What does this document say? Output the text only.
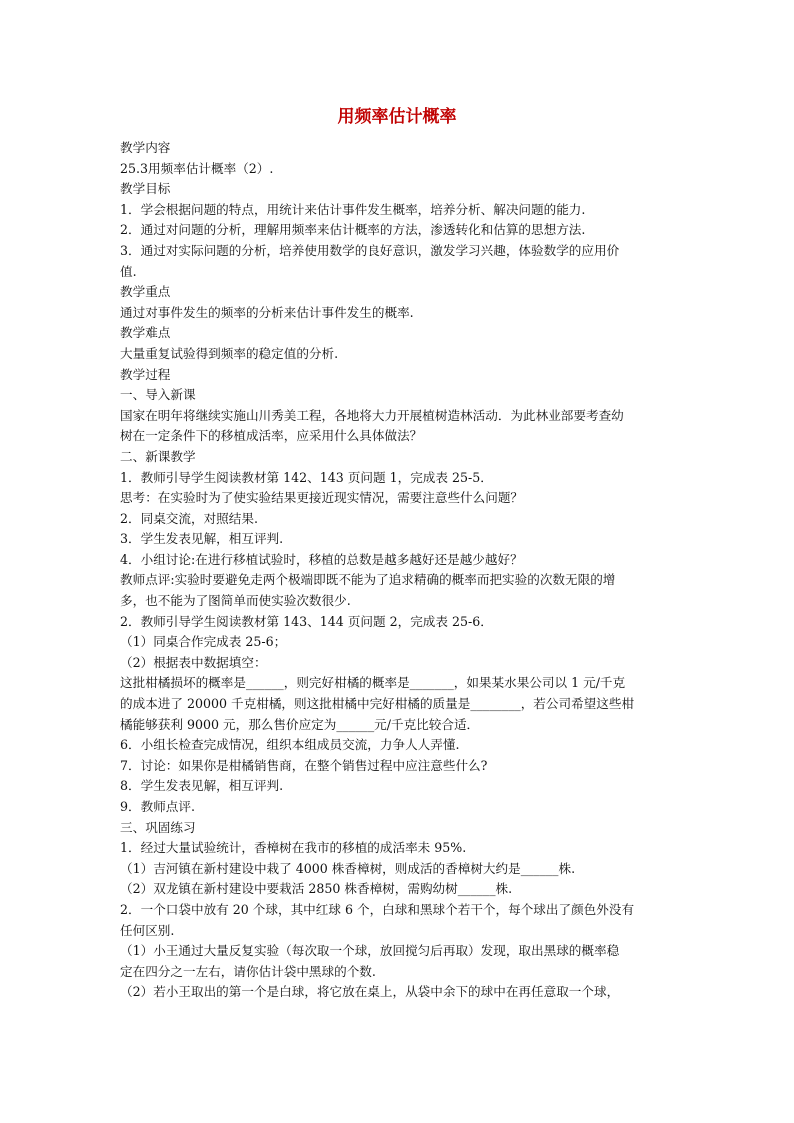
用频率估计概率

教学内容

25.3用频率估计概率（2）.

教学目标

1．学会根据问题的特点，用统计来估计事件发生概率，培养分析、解决问题的能力.

2．通过对问题的分析，理解用频率来估计概率的方法，渗透转化和估算的思想方法.

3．通过对实际问题的分析，培养使用数学的良好意识，激发学习兴趣，体验数学的应用价

值.

教学重点

通过对事件发生的频率的分析来估计事件发生的概率.

教学难点

大量重复试验得到频率的稳定值的分析.

教学过程

一、导入新课

国家在明年将继续实施山川秀美工程，各地将大力开展植树造林活动．为此林业部要考查幼

树在一定条件下的移植成活率，应采用什么具体做法？

二、新课教学

1．教师引导学生阅读教材第 142、143 页问题 1，完成表 25-5．

思考：在实验时为了使实验结果更接近现实情况，需要注意些什么问题？

2．同桌交流，对照结果.

3．学生发表见解，相互评判.

4．小组讨论:在进行移植试验时，移植的总数是越多越好还是越少越好？

教师点评:实验时要避免走两个极端即既不能为了追求精确的概率而把实验的次数无限的增

多，也不能为了图简单而使实验次数很少.

2．教师引导学生阅读教材第 143、144 页问题 2，完成表 25-6．

（1）同桌合作完成表 25-6；

（2）根据表中数据填空：

这批柑橘损坏的概率是______，则完好柑橘的概率是_______，如果某水果公司以 1 元/千克

的成本进了 20000 千克柑橘，则这批柑橘中完好柑橘的质量是________，若公司希望这些柑

橘能够获利 9000 元，那么售价应定为______元/千克比较合适．

6．小组长检查完成情况，组织本组成员交流，力争人人弄懂.

7．讨论：如果你是柑橘销售商，在整个销售过程中应注意些什么?

8．学生发表见解，相互评判.

9．教师点评.

三、巩固练习

1．经过大量试验统计，香樟树在我市的移植的成活率未 95%.

（1）吉河镇在新村建设中栽了 4000 株香樟树，则成活的香樟树大约是______株.

（2）双龙镇在新村建设中要栽活 2850 株香樟树，需购幼树______株.

2．一个口袋中放有 20 个球，其中红球 6 个，白球和黑球个若干个，每个球出了颜色外没有

任何区别.

（1）小王通过大量反复实验（每次取一个球，放回搅匀后再取）发现，取出黑球的概率稳

定在四分之一左右，请你估计袋中黑球的个数.

（2）若小王取出的第一个是白球，将它放在桌上，从袋中余下的球中在再任意取一个球，
